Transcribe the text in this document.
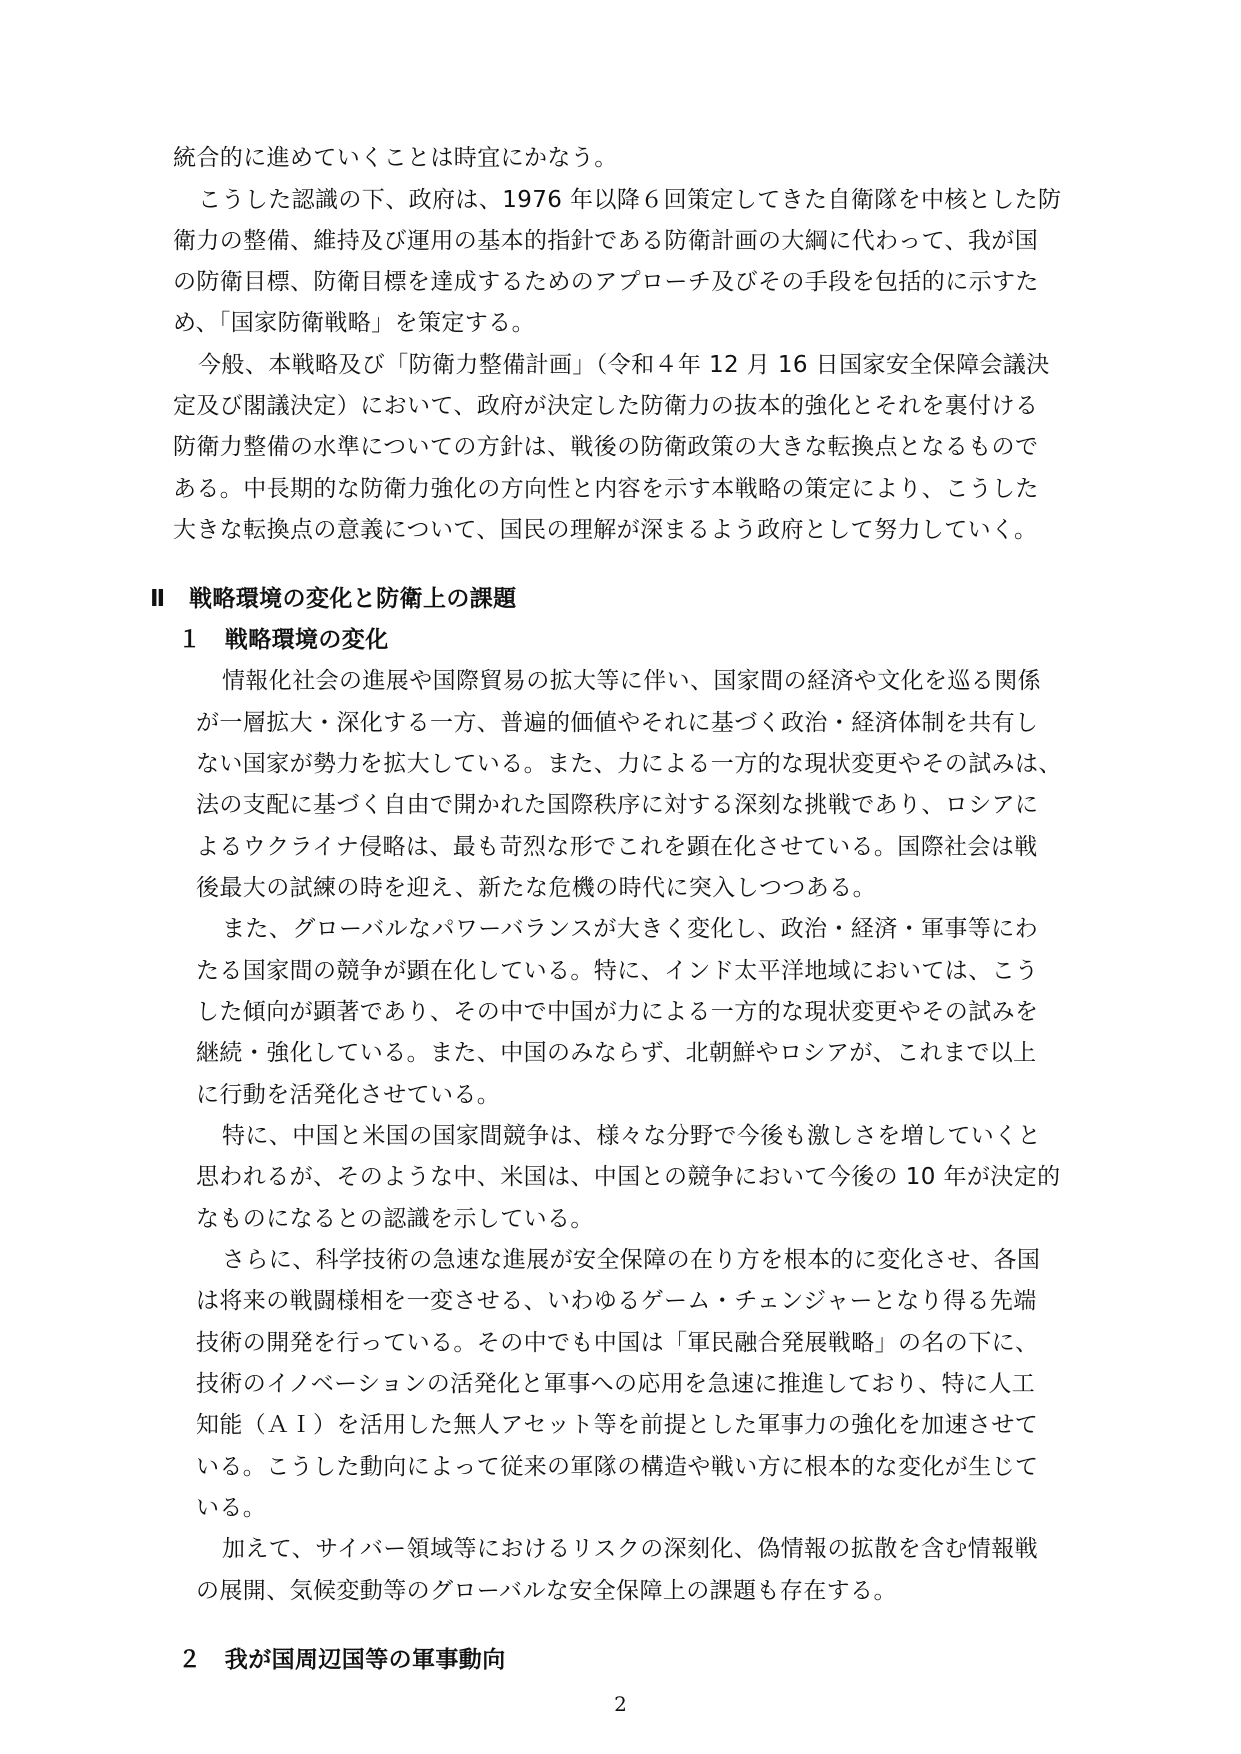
統合的に進めていくことは時宜にかなう。
こうした認識の下、政府は、1976 年以降６回策定してきた自衛隊を中核とした防
衛力の整備、維持及び運用の基本的指針である防衛計画の大綱に代わって、我が国
の防衛目標、防衛目標を達成するためのアプローチ及びその手段を包括的に示すた
め、「国家防衛戦略」を策定する。
今般、本戦略及び「防衛力整備計画」（令和４年 12 月 16 日国家安全保障会議決
定及び閣議決定）において、政府が決定した防衛力の抜本的強化とそれを裏付ける
防衛力整備の水準についての方針は、戦後の防衛政策の大きな転換点となるもので
ある。中長期的な防衛力強化の方向性と内容を示す本戦略の策定により、こうした
大きな転換点の意義について、国民の理解が深まるよう政府として努力していく。
Ⅱ　戦略環境の変化と防衛上の課題
１　戦略環境の変化
情報化社会の進展や国際貿易の拡大等に伴い、国家間の経済や文化を巡る関係
が一層拡大・深化する一方、普遍的価値やそれに基づく政治・経済体制を共有し
ない国家が勢力を拡大している。また、力による一方的な現状変更やその試みは、
法の支配に基づく自由で開かれた国際秩序に対する深刻な挑戦であり、ロシアに
よるウクライナ侵略は、最も苛烈な形でこれを顕在化させている。国際社会は戦
後最大の試練の時を迎え、新たな危機の時代に突入しつつある。
また、グローバルなパワーバランスが大きく変化し、政治・経済・軍事等にわ
たる国家間の競争が顕在化している。特に、インド太平洋地域においては、こう
した傾向が顕著であり、その中で中国が力による一方的な現状変更やその試みを
継続・強化している。また、中国のみならず、北朝鮮やロシアが、これまで以上
に行動を活発化させている。
特に、中国と米国の国家間競争は、様々な分野で今後も激しさを増していくと
思われるが、そのような中、米国は、中国との競争において今後の 10 年が決定的
なものになるとの認識を示している。
さらに、科学技術の急速な進展が安全保障の在り方を根本的に変化させ、各国
は将来の戦闘様相を一変させる、いわゆるゲーム・チェンジャーとなり得る先端
技術の開発を行っている。その中でも中国は「軍民融合発展戦略」の名の下に、
技術のイノベーションの活発化と軍事への応用を急速に推進しており、特に人工
知能（ＡＩ）を活用した無人アセット等を前提とした軍事力の強化を加速させて
いる。こうした動向によって従来の軍隊の構造や戦い方に根本的な変化が生じて
いる。
加えて、サイバー領域等におけるリスクの深刻化、偽情報の拡散を含む情報戦
の展開、気候変動等のグローバルな安全保障上の課題も存在する。
２　我が国周辺国等の軍事動向
2
